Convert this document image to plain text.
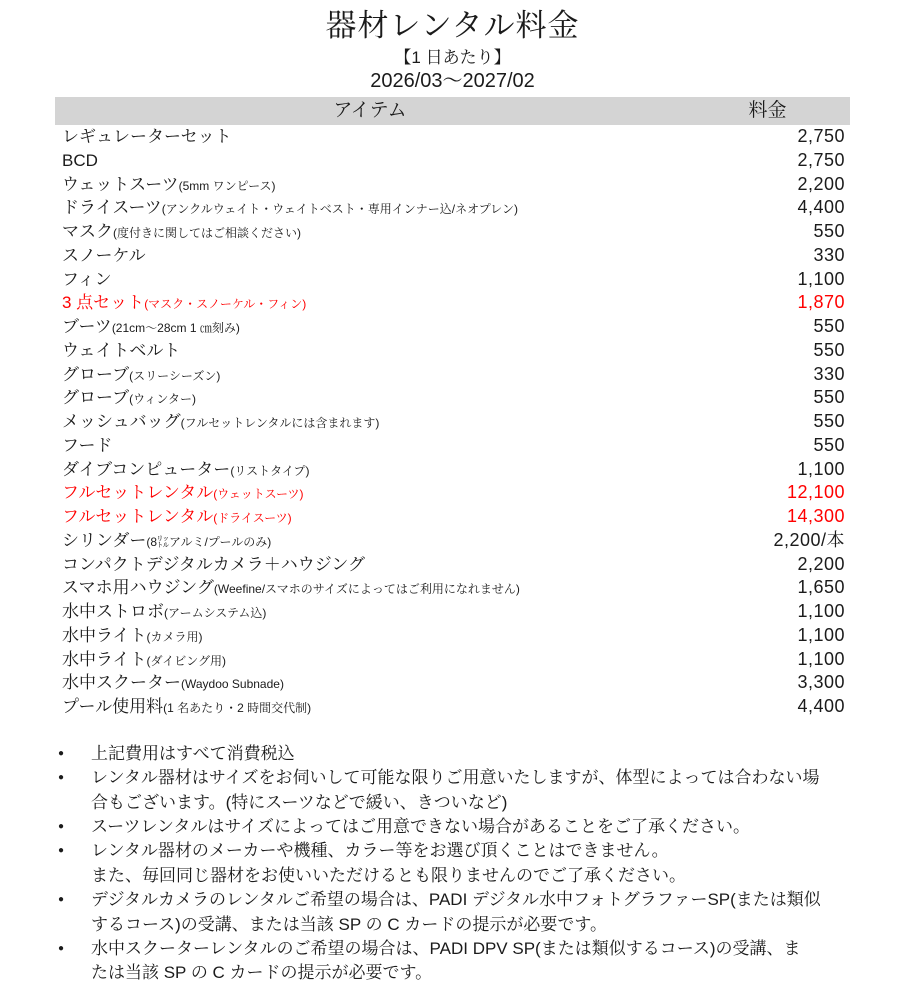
器材レンタル料金
【1 日あたり】
2026/03～2027/02
アイテム	料金
レギュレーターセット	2,750
BCD	2,750
ウェットスーツ(5mm ワンピース)	2,200
ドライスーツ(アンクルウェイト・ウェイトベスト・専用インナー込/ネオプレン)	4,400
マスク(度付きに関してはご相談ください)	550
スノーケル	330
フィン	1,100
3 点セット(マスク・スノーケル・フィン)	1,870
ブーツ(21cm～28cm 1 ㎝刻み)	550
ウェイトベルト	550
グローブ(スリーシーズン)	330
グローブ(ウィンター)	550
メッシュバッグ(フルセットレンタルには含まれます)	550
フード	550
ダイブコンピューター(リストタイプ)	1,100
フルセットレンタル(ウェットスーツ)	12,100
フルセットレンタル(ドライスーツ)	14,300
シリンダー(8㍑アルミ/プールのみ)	2,200/本
コンパクトデジタルカメラ＋ハウジング	2,200
スマホ用ハウジング(Weefine/スマホのサイズによってはご利用になれません)	1,650
水中ストロボ(アームシステム込)	1,100
水中ライト(カメラ用)	1,100
水中ライト(ダイビング用)	1,100
水中スクーター(Waydoo Subnade)	3,300
プール使用料(1 名あたり・2 時間交代制)	4,400
●	上記費用はすべて消費税込
●	レンタル器材はサイズをお伺いして可能な限りご用意いたしますが、体型によっては合わない場
合もございます。(特にスーツなどで緩い、きついなど)
●	スーツレンタルはサイズによってはご用意できない場合があることをご了承ください。
●	レンタル器材のメーカーや機種、カラー等をお選び頂くことはできません。
また、毎回同じ器材をお使いいただけるとも限りませんのでご了承ください。
●	デジタルカメラのレンタルご希望の場合は、PADI デジタル水中フォトグラファーSP(または類似
するコース)の受講、または当該 SP の C カードの提示が必要です。
●	水中スクーターレンタルのご希望の場合は、PADI DPV SP(または類似するコース)の受講、ま
たは当該 SP の C カードの提示が必要です。
